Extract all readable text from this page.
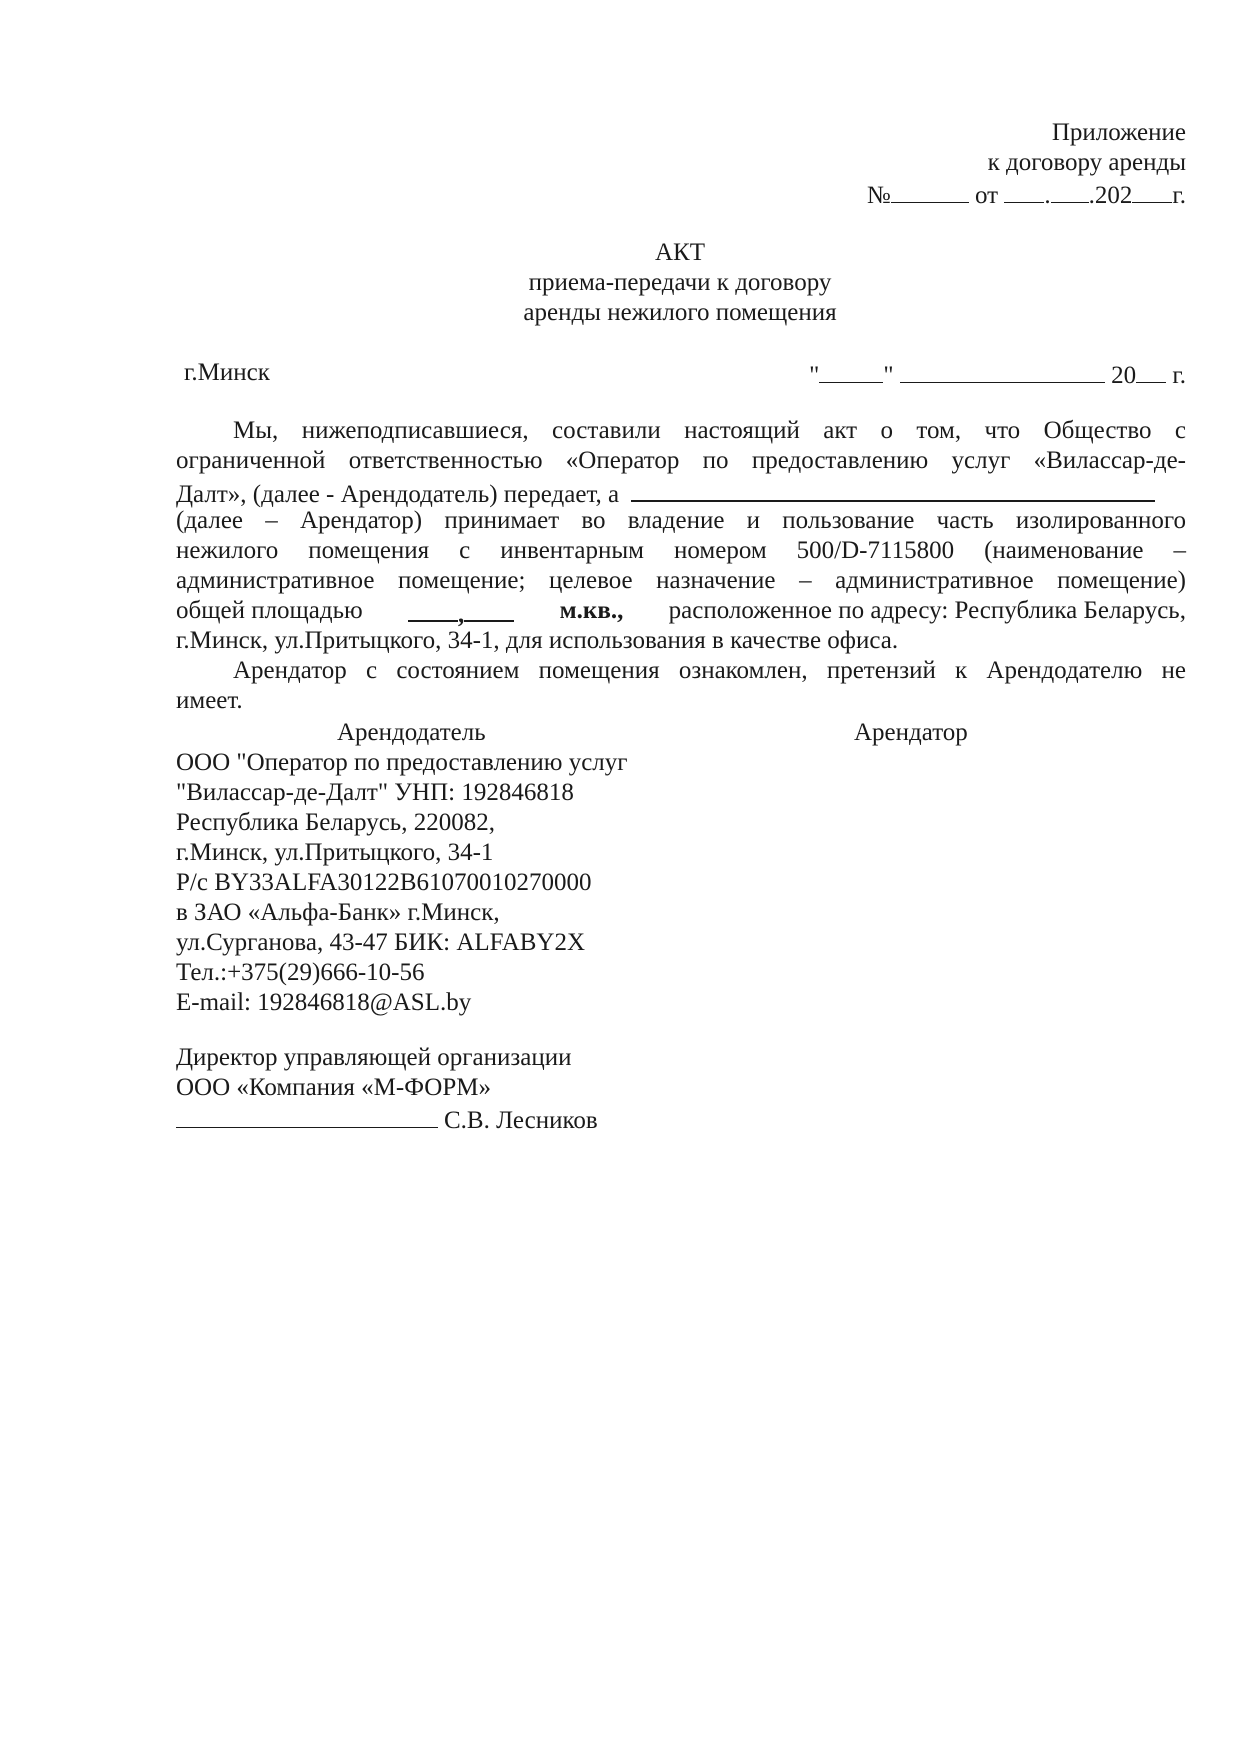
Приложение
к договору аренды
№	от . .202 г.
АКТ
приема-передачи к договору
аренды нежилого помещения
г.Минск	"	"	20 г.
Мы, нижеподписавшиеся, составили настоящий акт о том, что Общество с
ограниченной ответственностью «Оператор по предоставлению услуг «Виласcар-де-
Далт», (далее - Арендодатель) передает, а
(далее – Арендатор) принимает во владение и пользование часть изолированного
нежилого помещения с инвентарным номером 500/D-7115800 (наименование –
административное помещение; целевое назначение – административное помещение)
общей площадью	,	м.кв., расположенное по адресу: Республика Беларусь,
г.Минск, ул.Притыцкого, 34-1, для использования в качестве офиса.
Арендатор с состоянием помещения ознакомлен, претензий к Арендодателю не
имеет.
Арендодатель	Арендатор
ООО "Оператор по предоставлению услуг
"Виласcар-де-Далт" УНП: 192846818
Республика Беларусь, 220082,
г.Минск, ул.Притыцкого, 34-1
Р/с BY33ALFA30122B61070010270000
в ЗАО «Альфа-Банк» г.Минск,
ул.Сурганова, 43-47 БИК: ALFABY2X
Тел.:+375(29)666-10-56
E-mail: 192846818@ASL.by
Директор управляющей организации
ООО «Компания «М-ФОРМ»
С.В. Лесников
